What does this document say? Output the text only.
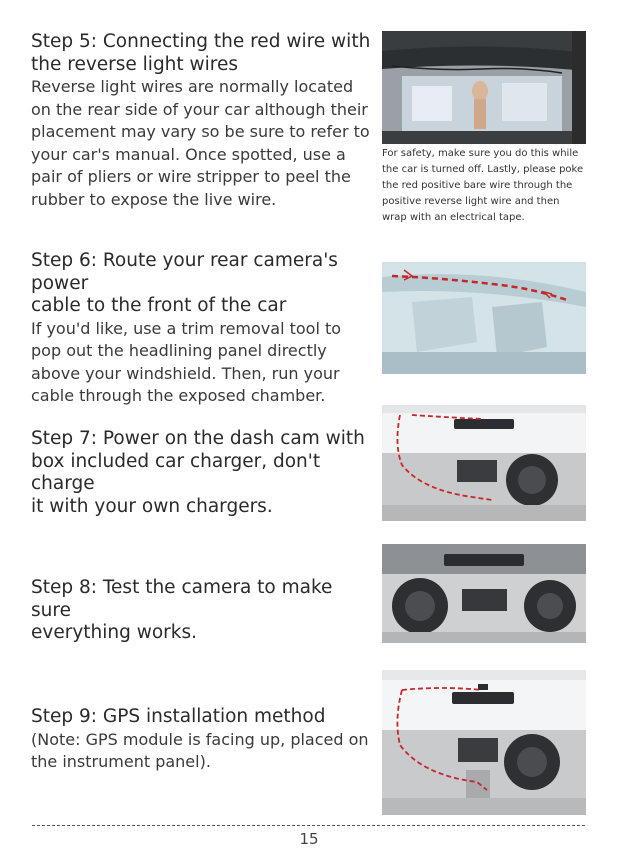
Step 5: Connecting the red wire with
the reverse light wires

Reverse light wires are normally located
on the rear side of your car although their
placement may vary so be sure to refer to
your car's manual. Once spotted, use a
pair of pliers or wire stripper to peel the
rubber to expose the live wire.

For safety, make sure you do this while
the car is turned off. Lastly, please poke
the red positive bare wire through the
positive reverse light wire and then
wrap with an electrical tape.

Step 6: Route your rear camera's power
cable to the front of the car

If you'd like, use a trim removal tool to
pop out the headlining panel directly
above your windshield. Then, run your
cable through the exposed chamber.

Step 7: Power on the dash cam with
box included car charger, don't charge
it with your own chargers.
Step 8: Test the camera to make sure
everything works.
Step 9: GPS installation method

(Note: GPS module is facing up, placed on
the instrument panel).

15
